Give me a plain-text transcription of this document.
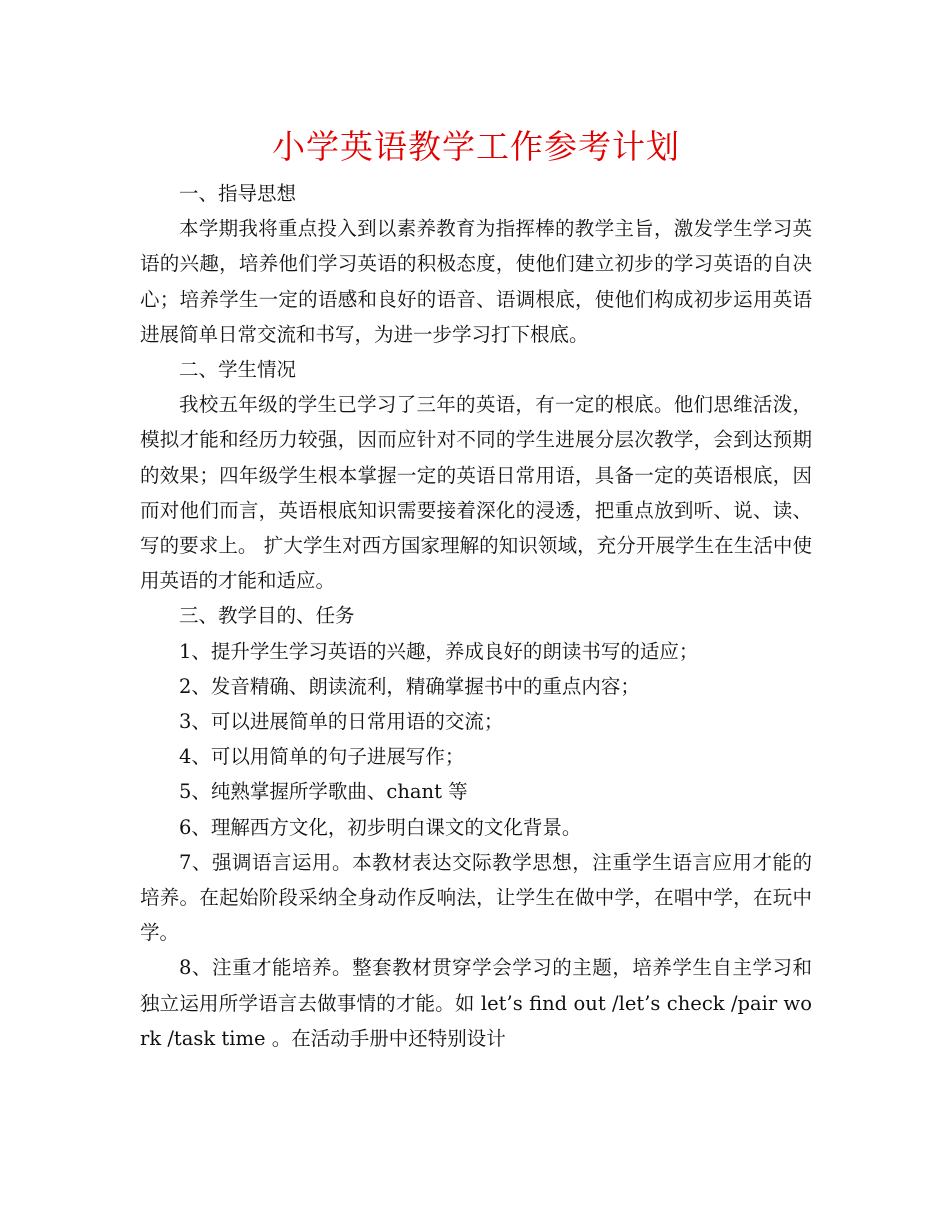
小学英语教学工作参考计划

一、指导思想

本学期我将重点投入到以素养教育为指挥棒的教学主旨，激发学生学习英语的兴趣，培养他们学习英语的积极态度，使他们建立初步的学习英语的自决心；培养学生一定的语感和良好的语音、语调根底，使他们构成初步运用英语进展简单日常交流和书写，为进一步学习打下根底。

二、学生情况

我校五年级的学生已学习了三年的英语，有一定的根底。他们思维活泼，模拟才能和经历力较强，因而应针对不同的学生进展分层次教学，会到达预期的效果；四年级学生根本掌握一定的英语日常用语，具备一定的英语根底，因而对他们而言，英语根底知识需要接着深化的浸透，把重点放到听、说、读、写的要求上。 扩大学生对西方国家理解的知识领域，充分开展学生在生活中使用英语的才能和适应。

三、教学目的、任务

1、提升学生学习英语的兴趣，养成良好的朗读书写的适应；

2、发音精确、朗读流利，精确掌握书中的重点内容；

3、可以进展简单的日常用语的交流；

4、可以用简单的句子进展写作；

5、纯熟掌握所学歌曲、chant 等

6、理解西方文化，初步明白课文的文化背景。

7、强调语言运用。本教材表达交际教学思想，注重学生语言应用才能的培养。在起始阶段采纳全身动作反响法，让学生在做中学，在唱中学，在玩中学。

8、注重才能培养。整套教材贯穿学会学习的主题，培养学生自主学习和独立运用所学语言去做事情的才能。如 let’s find out /let’s check /pair work /task time 。在活动手册中还特别设计
